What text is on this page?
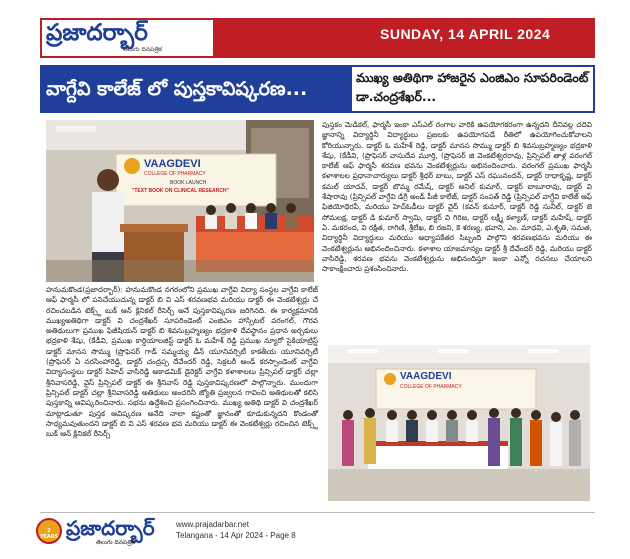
ప్రజాదర్బార్
తెలుగు దినపత్రిక
SUNDAY, 14 APRIL 2024
వాగ్దేవి కాలేజ్ లో పుస్తకావిష్కరణ...
ముఖ్య అతిథిగా హాజరైన ఎంజిఎం సూపరిండెంట్ డా.చంద్రశేఖర్...
VAAGDEVI
COLLEGE OF PHARMACY
BOOK LAUNCH
"TEXT BOOK ON CLINICAL RESEARCH"
పుస్తకం మెడికల్, ఫార్మసీ ఇంకా ఎస్ఎల్ రంగాల వారికి ఉపయోగకరంగా ఉన్నదని దీనివల్ల చదివి జ్ఞానాన్ని విద్యార్థినీ విద్యార్థులు ప్రజలకు ఉపయోగపడే రీతిలో ఉపయోగించుకోవాలని కోరియున్నారు. డాక్టర్ ఓ మహేశ్ రెడ్డి, డాక్టర్ మానస సొమ్ము డాక్టర్ బి శివసుబ్రహ్మణ్యం భద్రకాళి శేషు, (కేడీవి, (ప్రొఫెసర్ వాసుదేవ మూర్తి, (ప్రొఫెసర్ జి వెంకటేశ్వరరావు, ప్రిన్సిపల్ తాళ్ల వరంగల్ కాలేజ్ ఆఫ్ ఫార్మసీ శరవణ భవను వెంకటేశ్వర్లును అభినందించారు. వరంగల్ ప్రముఖ ఫార్మసీ కళాశాలల ప్రధానాచార్యులు డాక్టర్ శ్రీధర్ బాబు, డాక్టర్ ఎస్ రఘునందన్, డాక్టర్ రాధాకృష్ణ, డాక్టర్ కమల్ యాదవ్, డాక్టర్ బొమ్మ రమేష్, డాక్టర్ అనిల్ కుమార్, డాక్టర్ బాబూరావు, డాక్టర్ వి శేషారావు (ప్రిన్సిపల్ వాగ్దేవి డిగ్రీ అండ్ పీజీ కాలేజ్, డాక్టర్ సంపత్ రెడ్డి (ప్రిన్సిపల్ వాగ్దేవి కాలేజ్ ఆఫ్ ఫిజియోథెరపీ, మరియు హెచ్ఓడీలు డాక్టర్ వైద్ (కవన్ కుమార్, డాక్టర్ రెడ్డి సునీల్, డాక్టర్ జె సోమలక్ష, డాక్టర్ డి కుమార్ స్వామి, డాక్టర్ వి గిరిజ, డాక్టర్ లక్ష్మీ కళ్యాణ్, డాక్టర్ మహేష్, డాక్టర్ ఏ. మకరంద, వి రక్షిత, రాగిణి, శ్రీలేఖ, బి రజని, కె శరణ్య, భవాని, ఎం. మాధవి, ఎ.శృతి, సమత, విద్యార్థినీ విద్యార్థులు మరియు అధ్యాపకేతర సిబ్బంది పాల్గొని శరవణభవను మరియు ఈ వెంకటేశ్వర్లును అభినందించినారు. కళాశాల యాజమాన్యం డాక్టర్ శ్రీ దేవేందర్ రెడ్డి, మరియు డాక్టర్ వాసిరెడ్డి, శరవణ భవను వెంకటేశ్వర్లును అభినందిస్తూ ఇంకా ఎన్నో రచనలు చేయాలని సాకాంక్షించారు ప్రశంసించినారు.
హనుమకొండ(ప్రజాదర్బార్): హనుమకొండ నగరంలోని ప్రముఖ వాగ్దేవి విద్యా సంస్థల వాగ్దేవి కాలేజ్ ఆఫ్ ఫార్మసీ లో పనిచేయుచున్న డాక్టర్ బి వి ఎస్ శరవణభవ మరియు డాక్టర్ ఈ వెంకటేశ్వర్లు చే రచించబడిన టెక్స్ట్ బుక్ ఆన్ క్లినికల్ రీసెర్చ్ అనే పుస్తకావిష్కరణ జరిగినది. ఈ కార్యక్రమానికి ముఖ్యఅతిథిగా డాక్టర్ వి చంద్రశేఖర్ సూపరిండెంట్ ఎంజిఎం హాస్పిటల్ వరంగల్, గౌరవ అతిథులుగా ప్రముఖ ఫిజీషియన్ డాక్టర్ బి శివసుబ్రహ్మణ్యం భద్రకాళి దేవస్థానం ప్రధాన అర్చకులు భద్రకాళి శేషు, (కేడీవి, ప్రముఖ కార్డియాలజిస్ట్ డాక్టర్ ఓ మహేశ్ రెడ్డి ప్రముఖ న్యూరో సైకియాట్రిస్ట్ డాక్టర్ మానస సొమ్ము (ప్రొఫెసర్ గాడ్ సమ్మయ్య డీన్ యూనివర్సిటీ కాకతీయ యూనివర్సిటీ (ప్రొఫెసర్ ఏ నరసింహారెడ్డి, డాక్టర్ చంద్రప్ప దేవేందర్ రెడ్డి, సెక్రటరీ అండ్ కరస్పాండెంట్ వాగ్దేవి విద్యాసంస్థలు డాక్టర్ సిహెచ్ వాసిరెడ్డి అకాడమిక్ డైరెక్టర్ వాగ్దేవి కళాశాలలు ప్రిన్సిపల్ డాక్టర్ చల్లా శ్రీనివాసరెడ్డి, వైస్ ప్రిన్సిపల్ డాక్టర్ ఈ శ్రీనివాస్ రెడ్డి పుస్తకావిష్కరణలో పాల్గొన్నారు. ముందుగా ప్రిన్సిపల్ డాక్టర్ చల్లా శ్రీనివాసరెడ్డి అతిథులు అందరినీ జ్యోతి ప్రజ్వలన గావించి అతిథులతో కలిసి పుస్తకాన్ని ఆవిష్కరించినారు. సభను ఉద్దేశించి ప్రసంగించినారు. ముఖ్య అతిథి డాక్టర్ వి చంద్రశేఖర్ మాట్లాడుతూ పుస్తక ఆవిష్కరణ అనేది నాలా కష్టంతో జ్ఞానంతో కూడుకున్నదని కొండంతో సాధ్యమవుతుందని డాక్టర్ బి వి ఎస్ శరవణ భవ మరియు డాక్టర్ ఈ వెంకటేశ్వర్లు రచించిన టెక్స్ట్ బుక్ ఆన్ క్లినికల్ రీసెర్చ్
VAAGDEVI
COLLEGE OF PHARMACY
2 YEARS ప్రజాదర్బార్
తెలుగు దినపత్రిక
www.prajadarbar.net
Telangana - 14 Apr 2024 - Page 8
